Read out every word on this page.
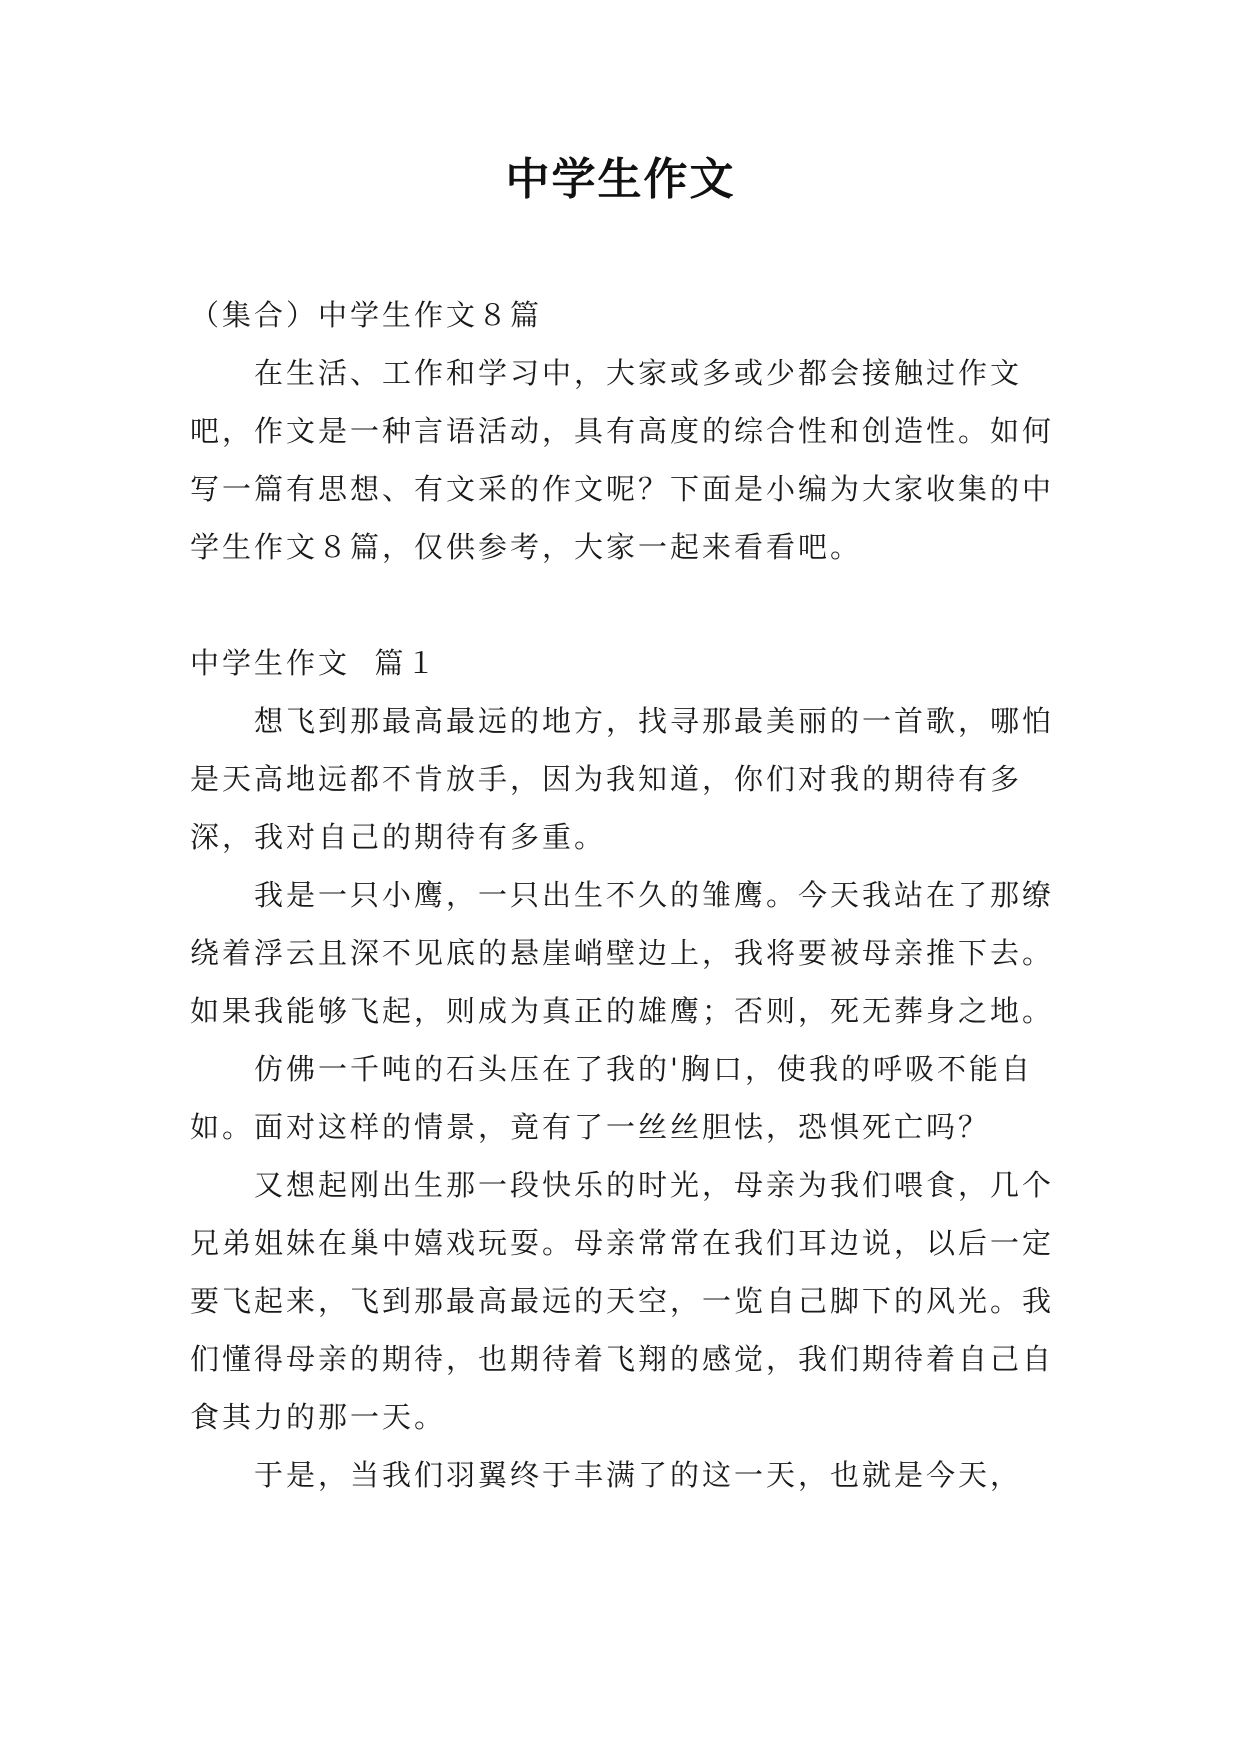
中学生作文
（集合）中学生作文８篇
在生活、工作和学习中，大家或多或少都会接触过作文吧，作文是一种言语活动，具有高度的综合性和创造性。如何写一篇有思想、有文采的作文呢？下面是小编为大家收集的中学生作文８篇，仅供参考，大家一起来看看吧。
中学生作文  篇１
想飞到那最高最远的地方，找寻那最美丽的一首歌，哪怕是天高地远都不肯放手，因为我知道，你们对我的期待有多深，我对自己的期待有多重。
我是一只小鹰，一只出生不久的雏鹰。今天我站在了那缭绕着浮云且深不见底的悬崖峭壁边上，我将要被母亲推下去。如果我能够飞起，则成为真正的雄鹰；否则，死无葬身之地。
仿佛一千吨的石头压在了我的'胸口，使我的呼吸不能自如。面对这样的情景，竟有了一丝丝胆怯，恐惧死亡吗？
又想起刚出生那一段快乐的时光，母亲为我们喂食，几个兄弟姐妹在巢中嬉戏玩耍。母亲常常在我们耳边说，以后一定要飞起来，飞到那最高最远的天空，一览自己脚下的风光。我们懂得母亲的期待，也期待着飞翔的感觉，我们期待着自己自食其力的那一天。
于是，当我们羽翼终于丰满了的这一天，也就是今天，
